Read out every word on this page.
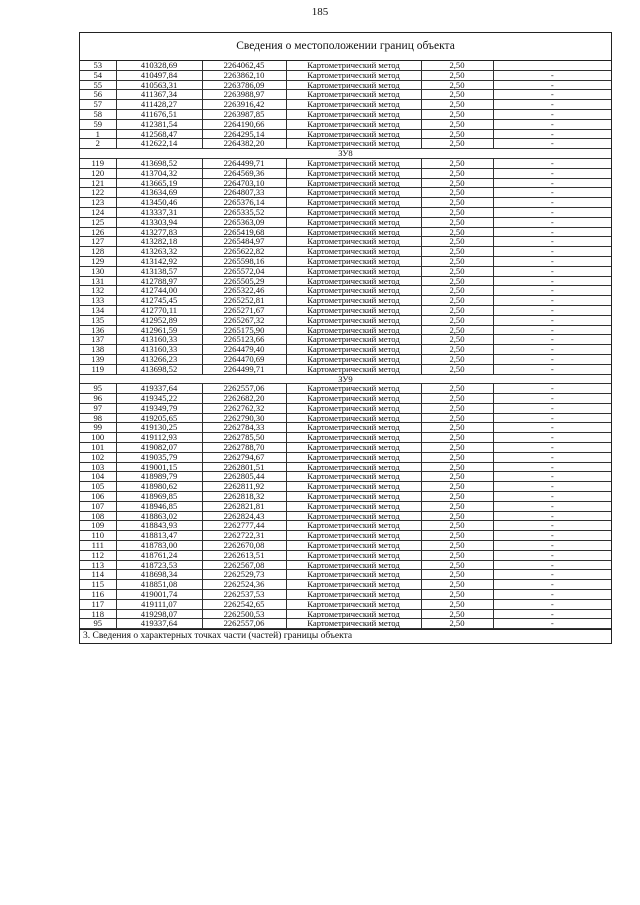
185
Сведения о местоположении границ объекта
53	410328,69	2264062,45	Картометрический метод	2,50	
54	410497,84	2263862,10	Картометрический метод	2,50	-
55	410563,31	2263786,09	Картометрический метод	2,50	-
56	411367,34	2263988,97	Картометрический метод	2,50	-
57	411428,27	2263916,42	Картометрический метод	2,50	-
58	411676,51	2263987,85	Картометрический метод	2,50	-
59	412381,54	2264190,66	Картометрический метод	2,50	-
1	412568,47	2264295,14	Картометрический метод	2,50	-
2	412622,14	2264382,20	Картометрический метод	2,50	-
ЗУ8					
119	413698,52	2264499,71	Картометрический метод	2,50	-
120	413704,32	2264569,36	Картометрический метод	2,50	-
121	413665,19	2264703,10	Картометрический метод	2,50	-
122	413634,69	2264807,33	Картометрический метод	2,50	-
123	413450,46	2265376,14	Картометрический метод	2,50	-
124	413337,31	2265335,52	Картометрический метод	2,50	-
125	413303,94	2265363,09	Картометрический метод	2,50	-
126	413277,83	2265419,68	Картометрический метод	2,50	-
127	413282,18	2265484,97	Картометрический метод	2,50	-
128	413263,32	2265622,82	Картометрический метод	2,50	-
129	413142,92	2265598,16	Картометрический метод	2,50	-
130	413138,57	2265572,04	Картометрический метод	2,50	-
131	412788,97	2265505,29	Картометрический метод	2,50	-
132	412744,00	2265322,46	Картометрический метод	2,50	-
133	412745,45	2265252,81	Картометрический метод	2,50	-
134	412770,11	2265271,67	Картометрический метод	2,50	-
135	412952,89	2265267,32	Картометрический метод	2,50	-
136	412961,59	2265175,90	Картометрический метод	2,50	-
137	413160,33	2265123,66	Картометрический метод	2,50	-
138	413160,33	2264479,40	Картометрический метод	2,50	-
139	413266,23	2264470,69	Картометрический метод	2,50	-
119	413698,52	2264499,71	Картометрический метод	2,50	-
ЗУ9					
95	419337,64	2262557,06	Картометрический метод	2,50	-
96	419345,22	2262682,20	Картометрический метод	2,50	-
97	419349,79	2262762,32	Картометрический метод	2,50	-
98	419205,65	2262790,30	Картометрический метод	2,50	-
99	419130,25	2262784,33	Картометрический метод	2,50	-
100	419112,93	2262785,50	Картометрический метод	2,50	-
101	419082,07	2262788,70	Картометрический метод	2,50	-
102	419035,79	2262794,67	Картометрический метод	2,50	-
103	419001,15	2262801,51	Картометрический метод	2,50	-
104	418989,79	2262805,44	Картометрический метод	2,50	-
105	418980,62	2262811,92	Картометрический метод	2,50	-
106	418969,85	2262818,32	Картометрический метод	2,50	-
107	418946,85	2262821,81	Картометрический метод	2,50	-
108	418863,02	2262824,43	Картометрический метод	2,50	-
109	418843,93	2262777,44	Картометрический метод	2,50	-
110	418813,47	2262722,31	Картометрический метод	2,50	-
111	418783,00	2262670,08	Картометрический метод	2,50	-
112	418761,24	2262613,51	Картометрический метод	2,50	-
113	418723,53	2262567,08	Картометрический метод	2,50	-
114	418698,34	2262529,73	Картометрический метод	2,50	-
115	418851,08	2262524,36	Картометрический метод	2,50	-
116	419001,74	2262537,53	Картометрический метод	2,50	-
117	419111,07	2262542,65	Картометрический метод	2,50	-
118	419298,07	2262500,53	Картометрический метод	2,50	-
95	419337,64	2262557,06	Картометрический метод	2,50	-
3. Сведения о характерных точках части (частей) границы объекта
